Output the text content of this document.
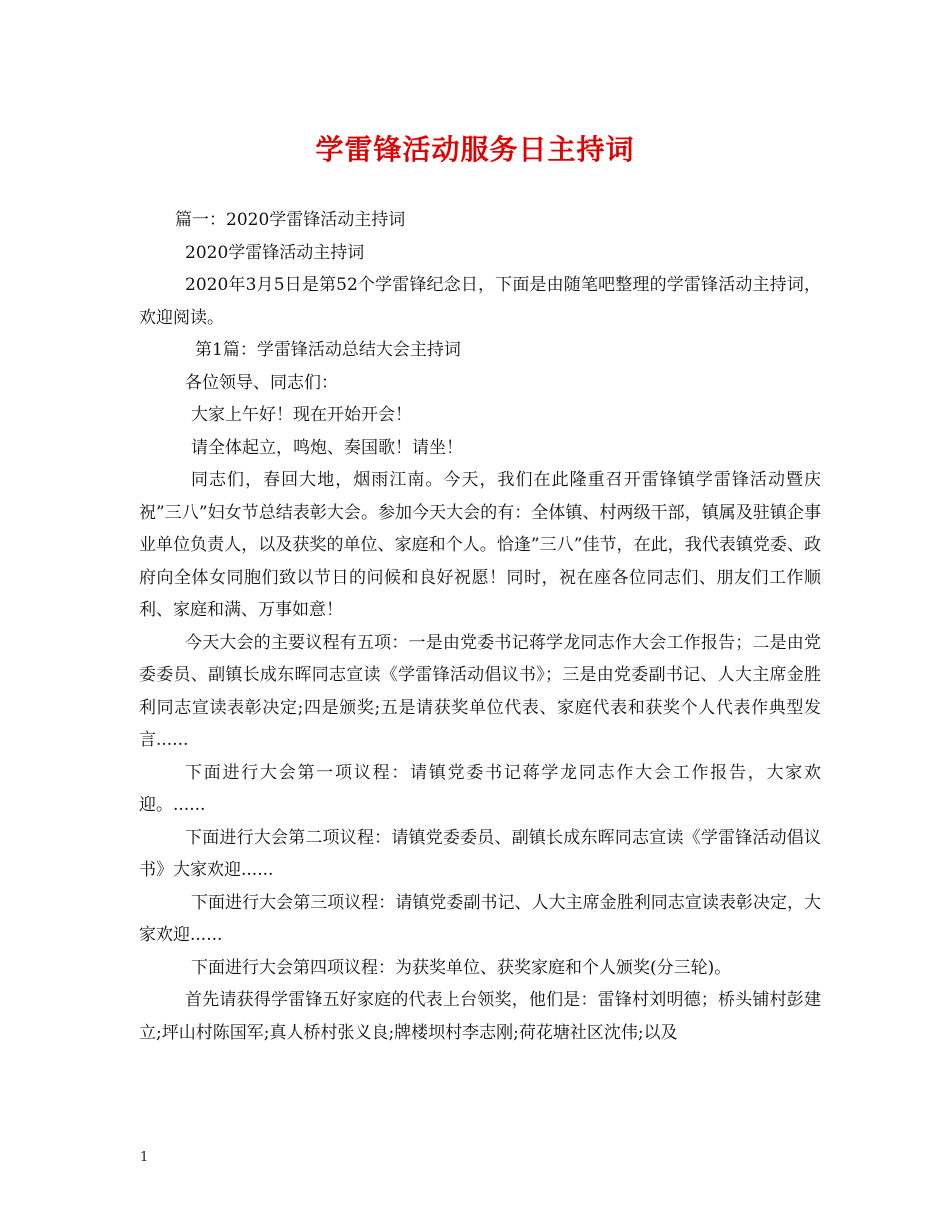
学雷锋活动服务日主持词

篇一：2020学雷锋活动主持词

2020学雷锋活动主持词

2020年3月5日是第52个学雷锋纪念日，下面是由随笔吧整理的学雷锋活动主持词，欢迎阅读。

第1篇：学雷锋活动总结大会主持词

各位领导、同志们：

大家上午好！现在开始开会！

请全体起立，鸣炮、奏国歌！请坐！

同志们，春回大地，烟雨江南。今天，我们在此隆重召开雷锋镇学雷锋活动暨庆祝”三八”妇女节总结表彰大会。参加今天大会的有：全体镇、村两级干部，镇属及驻镇企事业单位负责人，以及获奖的单位、家庭和个人。恰逢”三八”佳节，在此，我代表镇党委、政府向全体女同胞们致以节日的问候和良好祝愿！同时，祝在座各位同志们、朋友们工作顺利、家庭和满、万事如意！

今天大会的主要议程有五项：一是由党委书记蒋学龙同志作大会工作报告；二是由党委委员、副镇长成东晖同志宣读《学雷锋活动倡议书》；三是由党委副书记、人大主席金胜利同志宣读表彰决定;四是颁奖;五是请获奖单位代表、家庭代表和获奖个人代表作典型发言......

下面进行大会第一项议程：请镇党委书记蒋学龙同志作大会工作报告，大家欢迎。......

下面进行大会第二项议程：请镇党委委员、副镇长成东晖同志宣读《学雷锋活动倡议书》大家欢迎......

下面进行大会第三项议程：请镇党委副书记、人大主席金胜利同志宣读表彰决定，大家欢迎......

下面进行大会第四项议程：为获奖单位、获奖家庭和个人颁奖(分三轮)。

首先请获得学雷锋五好家庭的代表上台领奖，他们是：雷锋村刘明德；桥头铺村彭建立;坪山村陈国军;真人桥村张义良;牌楼坝村李志刚;荷花塘社区沈伟;以及

1
